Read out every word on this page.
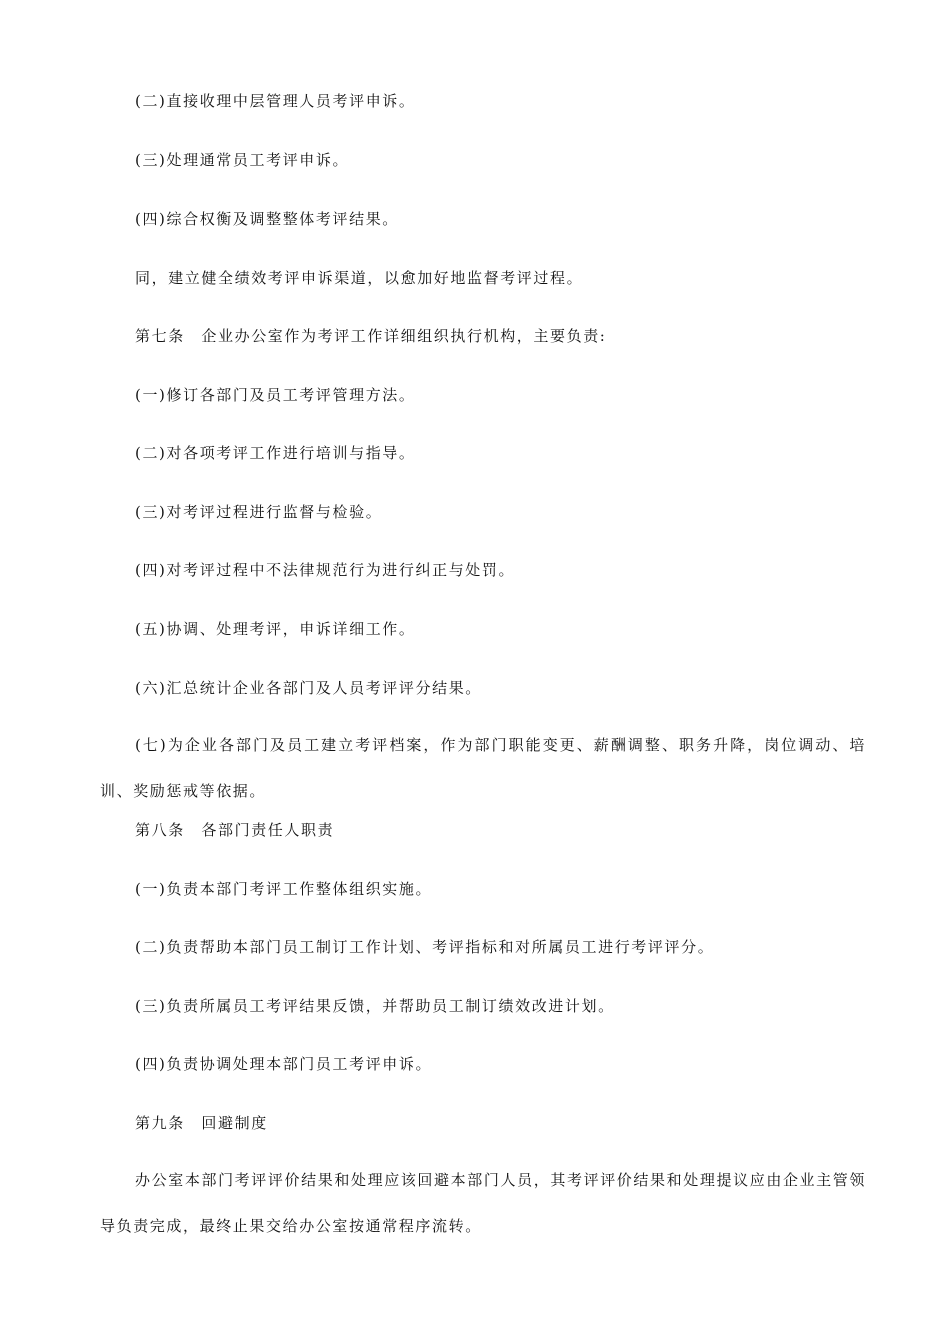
(二)直接收理中层管理人员考评申诉。
(三)处理通常员工考评申诉。
(四)综合权衡及调整整体考评结果。
同，建立健全绩效考评申诉渠道，以愈加好地监督考评过程。
第七条　企业办公室作为考评工作详细组织执行机构，主要负责:
(一)修订各部门及员工考评管理方法。
(二)对各项考评工作进行培训与指导。
(三)对考评过程进行监督与检验。
(四)对考评过程中不法律规范行为进行纠正与处罚。
(五)协调、处理考评，申诉详细工作。
(六)汇总统计企业各部门及人员考评评分结果。
(七)为企业各部门及员工建立考评档案，作为部门职能变更、薪酬调整、职务升降，岗位调动、培训、奖励惩戒等依据。
第八条　各部门责任人职责
(一)负责本部门考评工作整体组织实施。
(二)负责帮助本部门员工制订工作计划、考评指标和对所属员工进行考评评分。
(三)负责所属员工考评结果反馈，并帮助员工制订绩效改进计划。
(四)负责协调处理本部门员工考评申诉。
第九条　回避制度
办公室本部门考评评价结果和处理应该回避本部门人员，其考评评价结果和处理提议应由企业主管领导负责完成，最终止果交给办公室按通常程序流转。
